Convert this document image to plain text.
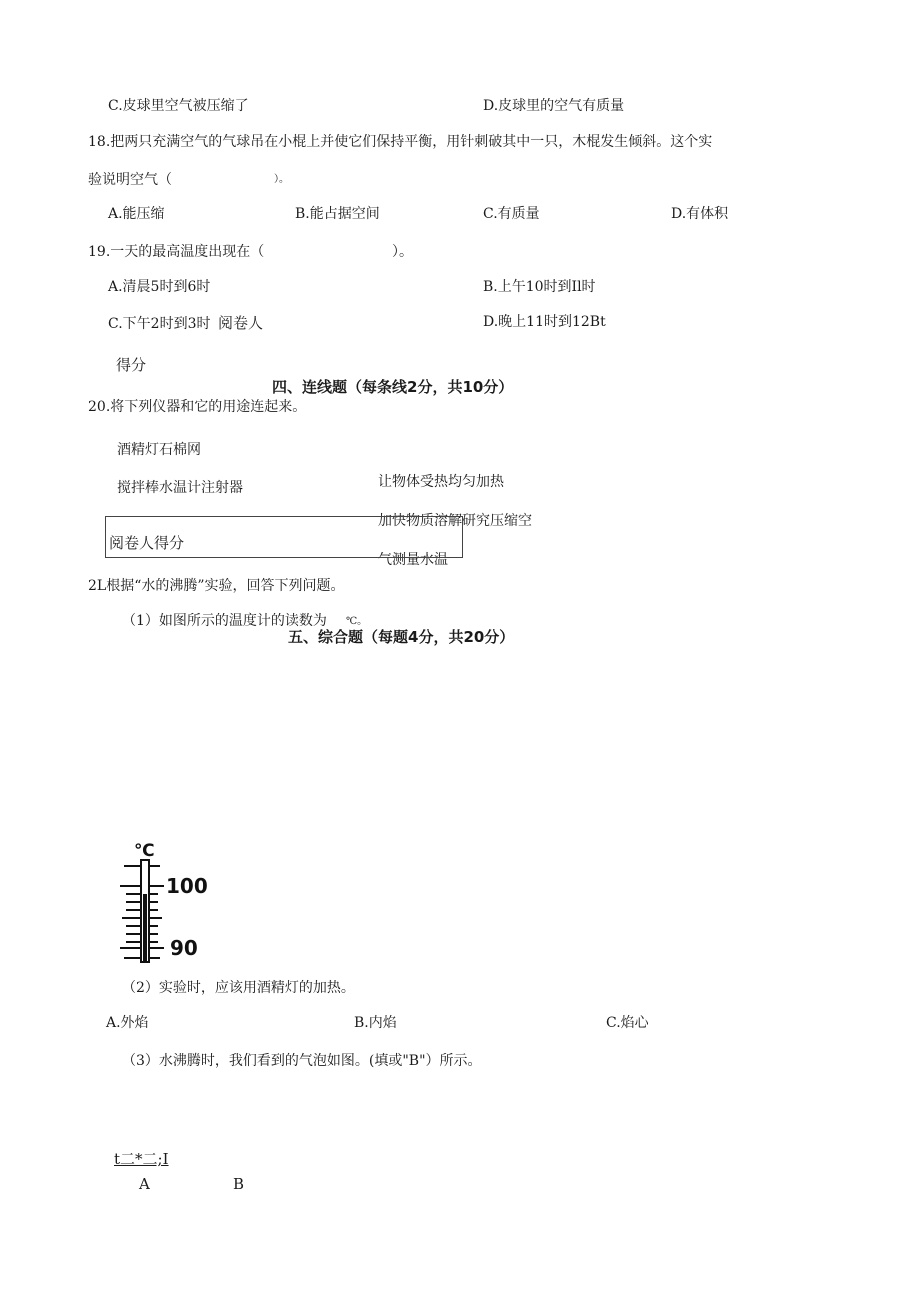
C.皮球里空气被压缩了	D.皮球里的空气有质量
18.把两只充满空气的气球吊在小棍上并使它们保持平衡，用针刺破其中一只，木棍发生倾斜。这个实
验说明空气（	）。
A.能压缩	B.能占据空间	C.有质量	D.有体积
19.一天的最高温度出现在（	）。
A.清晨5时到6时	B.上午10时到Il时
C.下午2时到3时 阅卷人	D.晚上11时到12Bt
得分
四、连线题（每条线2分，共10分）
20.将下列仪器和它的用途连起来。
酒精灯石棉网
搅拌棒水温计注射器	让物体受热均匀加热
加快物质溶解研究压缩空
气测量水温
阅卷人得分
2L根据“水的沸腾”实验，回答下列问题。
（1）如图所示的温度计的读数为 ℃。
五、综合题（每题4分，共20分）
℃
100
90
（2）实验时，应该用酒精灯的加热。
A.外焰	B.内焰	C.焰心
（3）水沸腾时，我们看到的气泡如图。(填或"B"）所示。
t二*二;I
A	B
